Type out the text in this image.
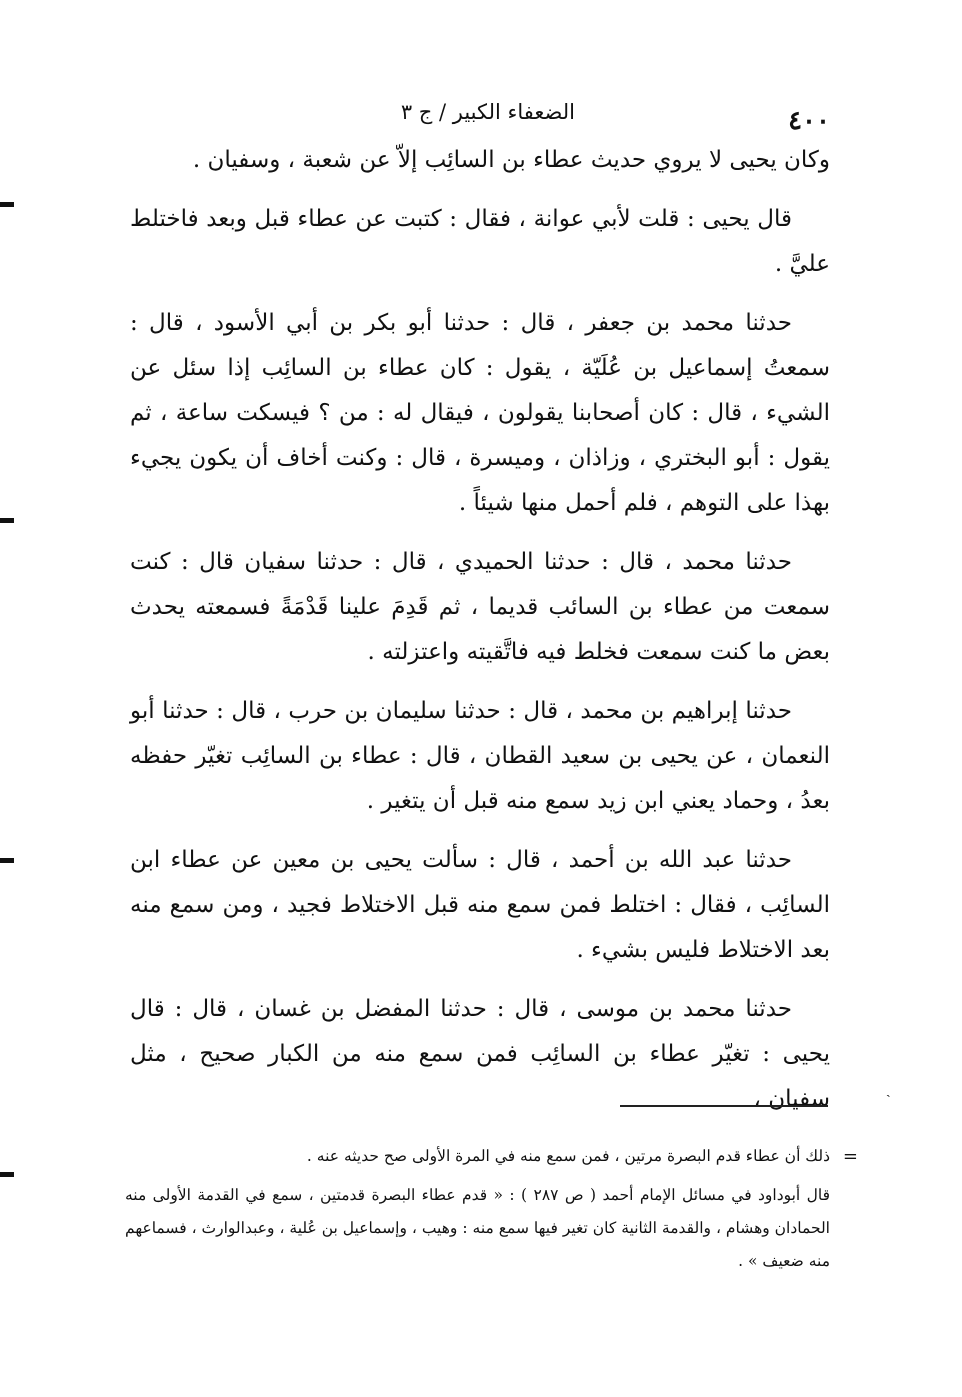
٤٠٠
الضعفاء الكبير / ج ٣

وكان يحيى لا يروي حديث عطاء بن السائِب إلاّ عن شعبة ، وسفيان .

قال يحيى : قلت لأبي عوانة ، فقال : كتبت عن عطاء قبل وبعد فاختلط عليَّ .

حدثنا محمد بن جعفر ، قال : حدثنا أبو بكر بن أبي الأسود ، قال : سمعتُ إسماعيل بن عُلَيّة ، يقول : كان عطاء بن السائِب إذا سئل عن الشيء ، قال : كان أصحابنا يقولون ، فيقال له : من ؟ فيسكت ساعة ، ثم يقول : أبو البختري ، وزاذان ، وميسرة ، قال : وكنت أخاف أن يكون يجيء بهذا على التوهم ، فلم أحمل منها شيئاً .

حدثنا محمد ، قال : حدثنا الحميدي ، قال : حدثنا سفيان قال : كنت سمعت من عطاء بن السائب قديما ، ثم قَدِمَ علينا قَدْمَةً فسمعته يحدث بعض ما كنت سمعت فخلط فيه فاتَّقيته واعتزلته .

حدثنا إبراهيم بن محمد ، قال : حدثنا سليمان بن حرب ، قال : حدثنا أبو النعمان ، عن يحيى بن سعيد القطان ، قال : عطاء بن السائِب تغيّر حفظه بعدُ ، وحماد يعني ابن زيد سمع منه قبل أن يتغير .

حدثنا عبد الله بن أحمد ، قال : سألت يحيى بن معين عن عطاء ابن السائِب ، فقال : اختلط فمن سمع منه قبل الاختلاط فجيد ، ومن سمع منه بعد الاختلاط فليس بشيء .

حدثنا محمد بن موسى ، قال : حدثنا المفضل بن غسان ، قال : قال يحيى : تغيّر عطاء بن السائِب فمن سمع منه من الكبار صحيح ، مثل سفيان ،

=

ذلك أن عطاء قدم البصرة مرتين ، فمن سمع منه في المرة الأولى صح حديثه عنه .

قال أبوداود في مسائل الإمام أحمد ( ص ٢٨٧ ) : « قدم عطاء البصرة قدمتين ، سمع في القدمة الأولى منه الحمادان وهشام ، والقدمة الثانية كان تغير فيها سمع منه : وهيب ، وإسماعيل بن عُلية ، وعبدالوارث ، فسماعهم منه ضعيف » .

ˏ
